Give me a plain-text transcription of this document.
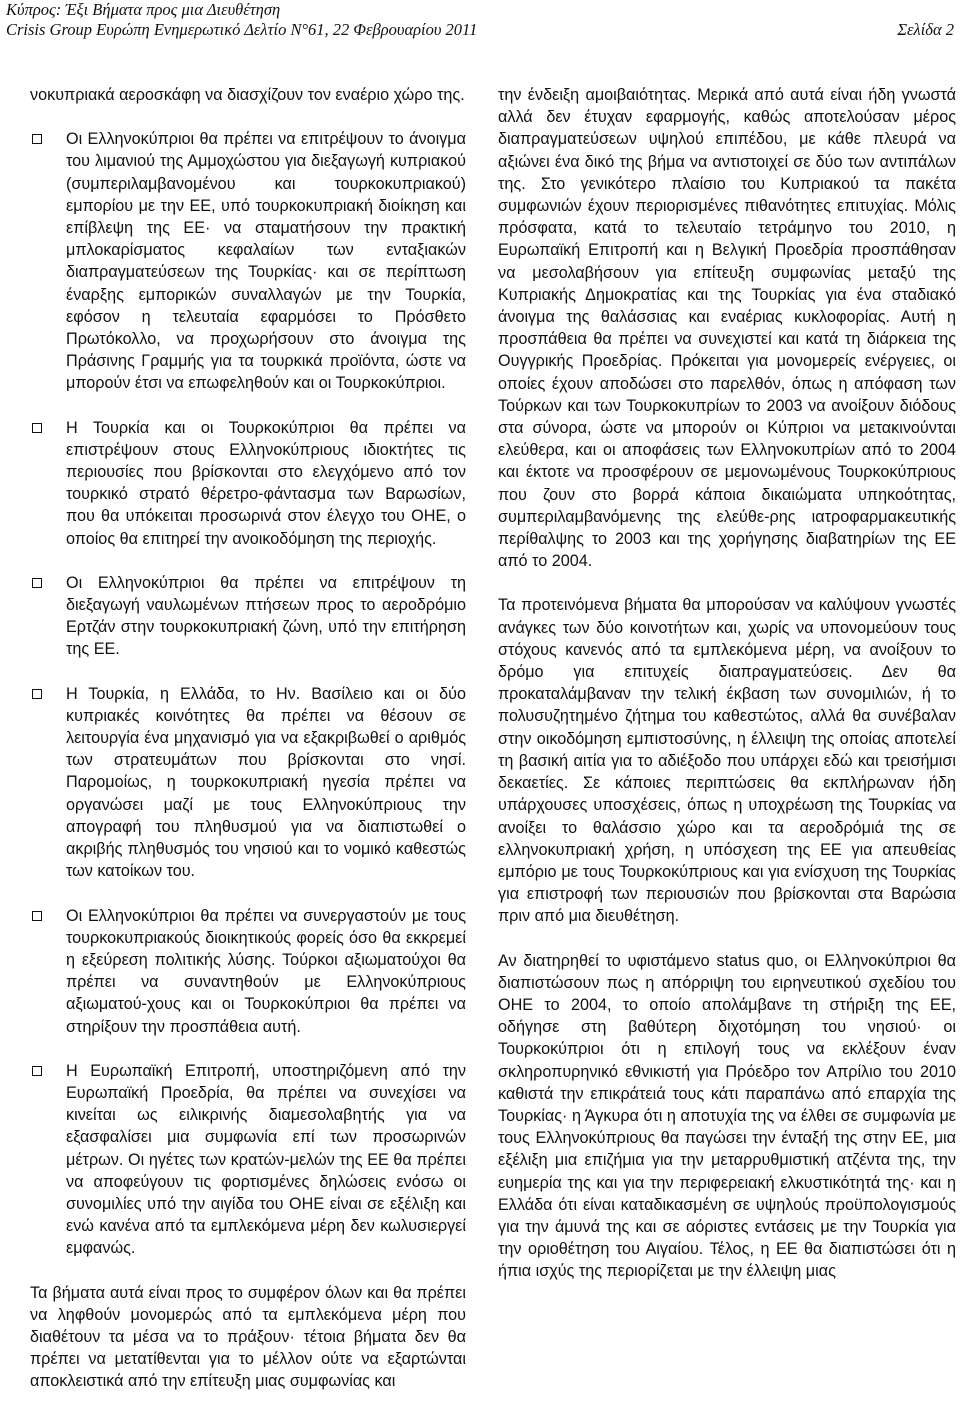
Κύπρος: Έξι Βήματα προς μια Διευθέτηση
Crisis Group Ευρώπη Ενημερωτικό Δελτίο N°61, 22 Φεβρουαρίου 2011	Σελίδα 2

νοκυπριακά αεροσκάφη να διασχίζουν τον εναέριο χώρο της.

Οι Ελληνοκύπριοι θα πρέπει να επιτρέψουν το άνοιγμα του λιμανιού της Αμμοχώστου για διεξαγωγή κυπριακού (συμπεριλαμβανομένου και τουρκοκυπριακού) εμπορίου με την ΕΕ, υπό τουρκοκυπριακή διοίκηση και επίβλεψη της ΕΕ· να σταματήσουν την πρακτική μπλοκαρίσματος κεφαλαίων των ενταξιακών διαπραγματεύσεων της Τουρκίας· και σε περίπτωση έναρξης εμπορικών συναλλαγών με την Τουρκία, εφόσον η τελευταία εφαρμόσει το Πρόσθετο Πρωτόκολλο, να προχωρήσουν στο άνοιγμα της Πράσινης Γραμμής για τα τουρκικά προϊόντα, ώστε να μπορούν έτσι να επωφεληθούν και οι Τουρκοκύπριοι.

Η Τουρκία και οι Τουρκοκύπριοι θα πρέπει να επιστρέψουν στους Ελληνοκύπριους ιδιοκτήτες τις περιουσίες που βρίσκονται στο ελεγχόμενο από τον τουρκικό στρατό θέρετρο-φάντασμα των Βαρωσίων, που θα υπόκειται προσωρινά στον έλεγχο του ΟΗΕ, ο οποίος θα επιτηρεί την ανοικοδόμηση της περιοχής.

Οι Ελληνοκύπριοι θα πρέπει να επιτρέψουν τη διεξαγωγή ναυλωμένων πτήσεων προς το αεροδρόμιο Ερτζάν στην τουρκοκυπριακή ζώνη, υπό την επιτήρηση της ΕΕ.

Η Τουρκία, η Ελλάδα, το Ην. Βασίλειο και οι δύο κυπριακές κοινότητες θα πρέπει να θέσουν σε λειτουργία ένα μηχανισμό για να εξακριβωθεί ο αριθμός των στρατευμάτων που βρίσκονται στο νησί. Παρομοίως, η τουρκοκυπριακή ηγεσία πρέπει να οργανώσει μαζί με τους Ελληνοκύπριους την απογραφή του πληθυσμού για να διαπιστωθεί ο ακριβής πληθυσμός του νησιού και το νομικό καθεστώς των κατοίκων του.

Οι Ελληνοκύπριοι θα πρέπει να συνεργαστούν με τους τουρκοκυπριακούς διοικητικούς φορείς όσο θα εκκρεμεί η εξεύρεση πολιτικής λύσης. Τούρκοι αξιωματούχοι θα πρέπει να συναντηθούν με Ελληνοκύπριους αξιωματού-χους και οι Τουρκοκύπριοι θα πρέπει να στηρίξουν την προσπάθεια αυτή.

Η Ευρωπαϊκή Επιτροπή, υποστηριζόμενη από την Ευρωπαϊκή Προεδρία, θα πρέπει να συνεχίσει να κινείται ως ειλικρινής διαμεσολαβητής για να εξασφαλίσει μια συμφωνία επί των προσωρινών μέτρων. Οι ηγέτες των κρατών-μελών της ΕΕ θα πρέπει να αποφεύγουν τις φορτισμένες δηλώσεις ενόσω οι συνομιλίες υπό την αιγίδα του ΟΗΕ είναι σε εξέλιξη και ενώ κανένα από τα εμπλεκόμενα μέρη δεν κωλυσιεργεί εμφανώς.

Τα βήματα αυτά είναι προς το συμφέρον όλων και θα πρέπει να ληφθούν μονομερώς από τα εμπλεκόμενα μέρη που διαθέτουν τα μέσα να το πράξουν· τέτοια βήματα δεν θα πρέπει να μετατίθενται για το μέλλον ούτε να εξαρτώνται αποκλειστικά από την επίτευξη μιας συμφωνίας και

την ένδειξη αμοιβαιότητας. Μερικά από αυτά είναι ήδη γνωστά αλλά δεν έτυχαν εφαρμογής, καθώς αποτελούσαν μέρος διαπραγματεύσεων υψηλού επιπέδου, με κάθε πλευρά να αξιώνει ένα δικό της βήμα να αντιστοιχεί σε δύο των αντιπάλων της. Στο γενικότερο πλαίσιο του Κυπριακού τα πακέτα συμφωνιών έχουν περιορισμένες πιθανότητες επιτυχίας. Μόλις πρόσφατα, κατά το τελευταίο τετράμηνο του 2010, η Ευρωπαϊκή Επιτροπή και η Βελγική Προεδρία προσπάθησαν να μεσολαβήσουν για επίτευξη συμφωνίας μεταξύ της Κυπριακής Δημοκρατίας και της Τουρκίας για ένα σταδιακό άνοιγμα της θαλάσσιας και εναέριας κυκλοφορίας. Αυτή η προσπάθεια θα πρέπει να συνεχιστεί και κατά τη διάρκεια της Ουγγρικής Προεδρίας. Πρόκειται για μονομερείς ενέργειες, οι οποίες έχουν αποδώσει στο παρελθόν, όπως η απόφαση των Τούρκων και των Τουρκοκυπρίων το 2003 να ανοίξουν διόδους στα σύνορα, ώστε να μπορούν οι Κύπριοι να μετακινούνται ελεύθερα, και οι αποφάσεις των Ελληνοκυπρίων από το 2004 και έκτοτε να προσφέρουν σε μεμονωμένους Τουρκοκύπριους που ζουν στο βορρά κάποια δικαιώματα υπηκοότητας, συμπεριλαμβανόμενης της ελεύθε-ρης ιατροφαρμακευτικής περίθαλψης το 2003 και της χορήγησης διαβατηρίων της ΕΕ από το 2004.

Τα προτεινόμενα βήματα θα μπορούσαν να καλύψουν γνωστές ανάγκες των δύο κοινοτήτων και, χωρίς να υπονομεύουν τους στόχους κανενός από τα εμπλεκόμενα μέρη, να ανοίξουν το δρόμο για επιτυχείς διαπραγματεύσεις. Δεν θα προκαταλάμβαναν την τελική έκβαση των συνομιλιών, ή το πολυσυζητημένο ζήτημα του καθεστώτος, αλλά θα συνέβαλαν στην οικοδόμηση εμπιστοσύνης, η έλλειψη της οποίας αποτελεί τη βασική αιτία για το αδιέξοδο που υπάρχει εδώ και τρεισήμισι δεκαετίες. Σε κάποιες περιπτώσεις θα εκπλήρωναν ήδη υπάρχουσες υποσχέσεις, όπως η υποχρέωση της Τουρκίας να ανοίξει το θαλάσσιο χώρο και τα αεροδρόμιά της σε ελληνοκυπριακή χρήση, η υπόσχεση της ΕΕ για απευθείας εμπόριο με τους Τουρκοκύπριους και για ενίσχυση της Τουρκίας για επιστροφή των περιουσιών που βρίσκονται στα Βαρώσια πριν από μια διευθέτηση.

Αν διατηρηθεί το υφιστάμενο status quo, οι Ελληνοκύπριοι θα διαπιστώσουν πως η απόρριψη του ειρηνευτικού σχεδίου του ΟΗΕ το 2004, το οποίο απολάμβανε τη στήριξη της ΕΕ, οδήγησε στη βαθύτερη διχοτόμηση του νησιού· οι Τουρκοκύπριοι ότι η επιλογή τους να εκλέξουν έναν σκληροπυρηνικό εθνικιστή για Πρόεδρο τον Απρίλιο του 2010 καθιστά την επικράτειά τους κάτι παραπάνω από επαρχία της Τουρκίας· η Άγκυρα ότι η αποτυχία της να έλθει σε συμφωνία με τους Ελληνοκύπριους θα παγώσει την ένταξή της στην ΕΕ, μια εξέλιξη μια επιζήμια για την μεταρρυθμιστική ατζέντα της, την ευημερία της και για την περιφερειακή ελκυστικότητά της· και η Ελλάδα ότι είναι καταδικασμένη σε υψηλούς προϋπολογισμούς για την άμυνά της και σε αόριστες εντάσεις με την Τουρκία για την οριοθέτηση του Αιγαίου. Τέλος, η ΕΕ θα διαπιστώσει ότι η ήπια ισχύς της περιορίζεται με την έλλειψη μιας
